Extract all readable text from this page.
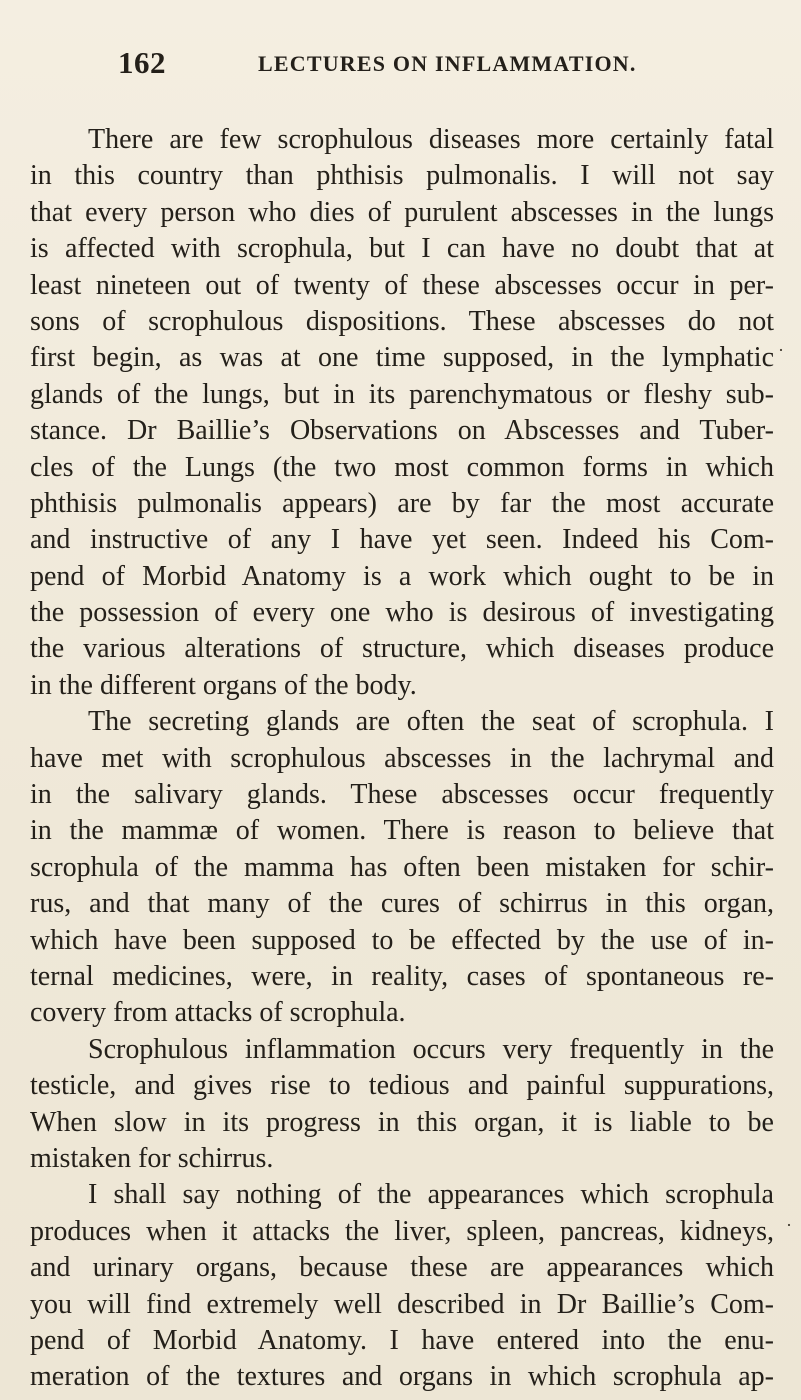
162	LECTURES ON INFLAMMATION.
There are few scrophulous diseases more certainly fatal
in this country than phthisis pulmonalis. I will not say
that every person who dies of purulent abscesses in the lungs
is affected with scrophula, but I can have no doubt that at
least nineteen out of twenty of these abscesses occur in per-
sons of scrophulous dispositions. These abscesses do not
first begin, as was at one time supposed, in the lymphatic
glands of the lungs, but in its parenchymatous or fleshy sub-
stance. Dr Baillie’s Observations on Abscesses and Tuber-
cles of the Lungs (the two most common forms in which
phthisis pulmonalis appears) are by far the most accurate
and instructive of any I have yet seen. Indeed his Com-
pend of Morbid Anatomy is a work which ought to be in
the possession of every one who is desirous of investigating
the various alterations of structure, which diseases produce
in the different organs of the body.
The secreting glands are often the seat of scrophula. I
have met with scrophulous abscesses in the lachrymal and
in the salivary glands. These abscesses occur frequently
in the mammæ of women. There is reason to believe that
scrophula of the mamma has often been mistaken for schir-
rus, and that many of the cures of schirrus in this organ,
which have been supposed to be effected by the use of in-
ternal medicines, were, in reality, cases of spontaneous re-
covery from attacks of scrophula.
Scrophulous inflammation occurs very frequently in the
testicle, and gives rise to tedious and painful suppurations,
When slow in its progress in this organ, it is liable to be
mistaken for schirrus.
I shall say nothing of the appearances which scrophula
produces when it attacks the liver, spleen, pancreas, kidneys,
and urinary organs, because these are appearances which
you will find extremely well described in Dr Baillie’s Com-
pend of Morbid Anatomy. I have entered into the enu-
meration of the textures and organs in which scrophula ap-
·
·
